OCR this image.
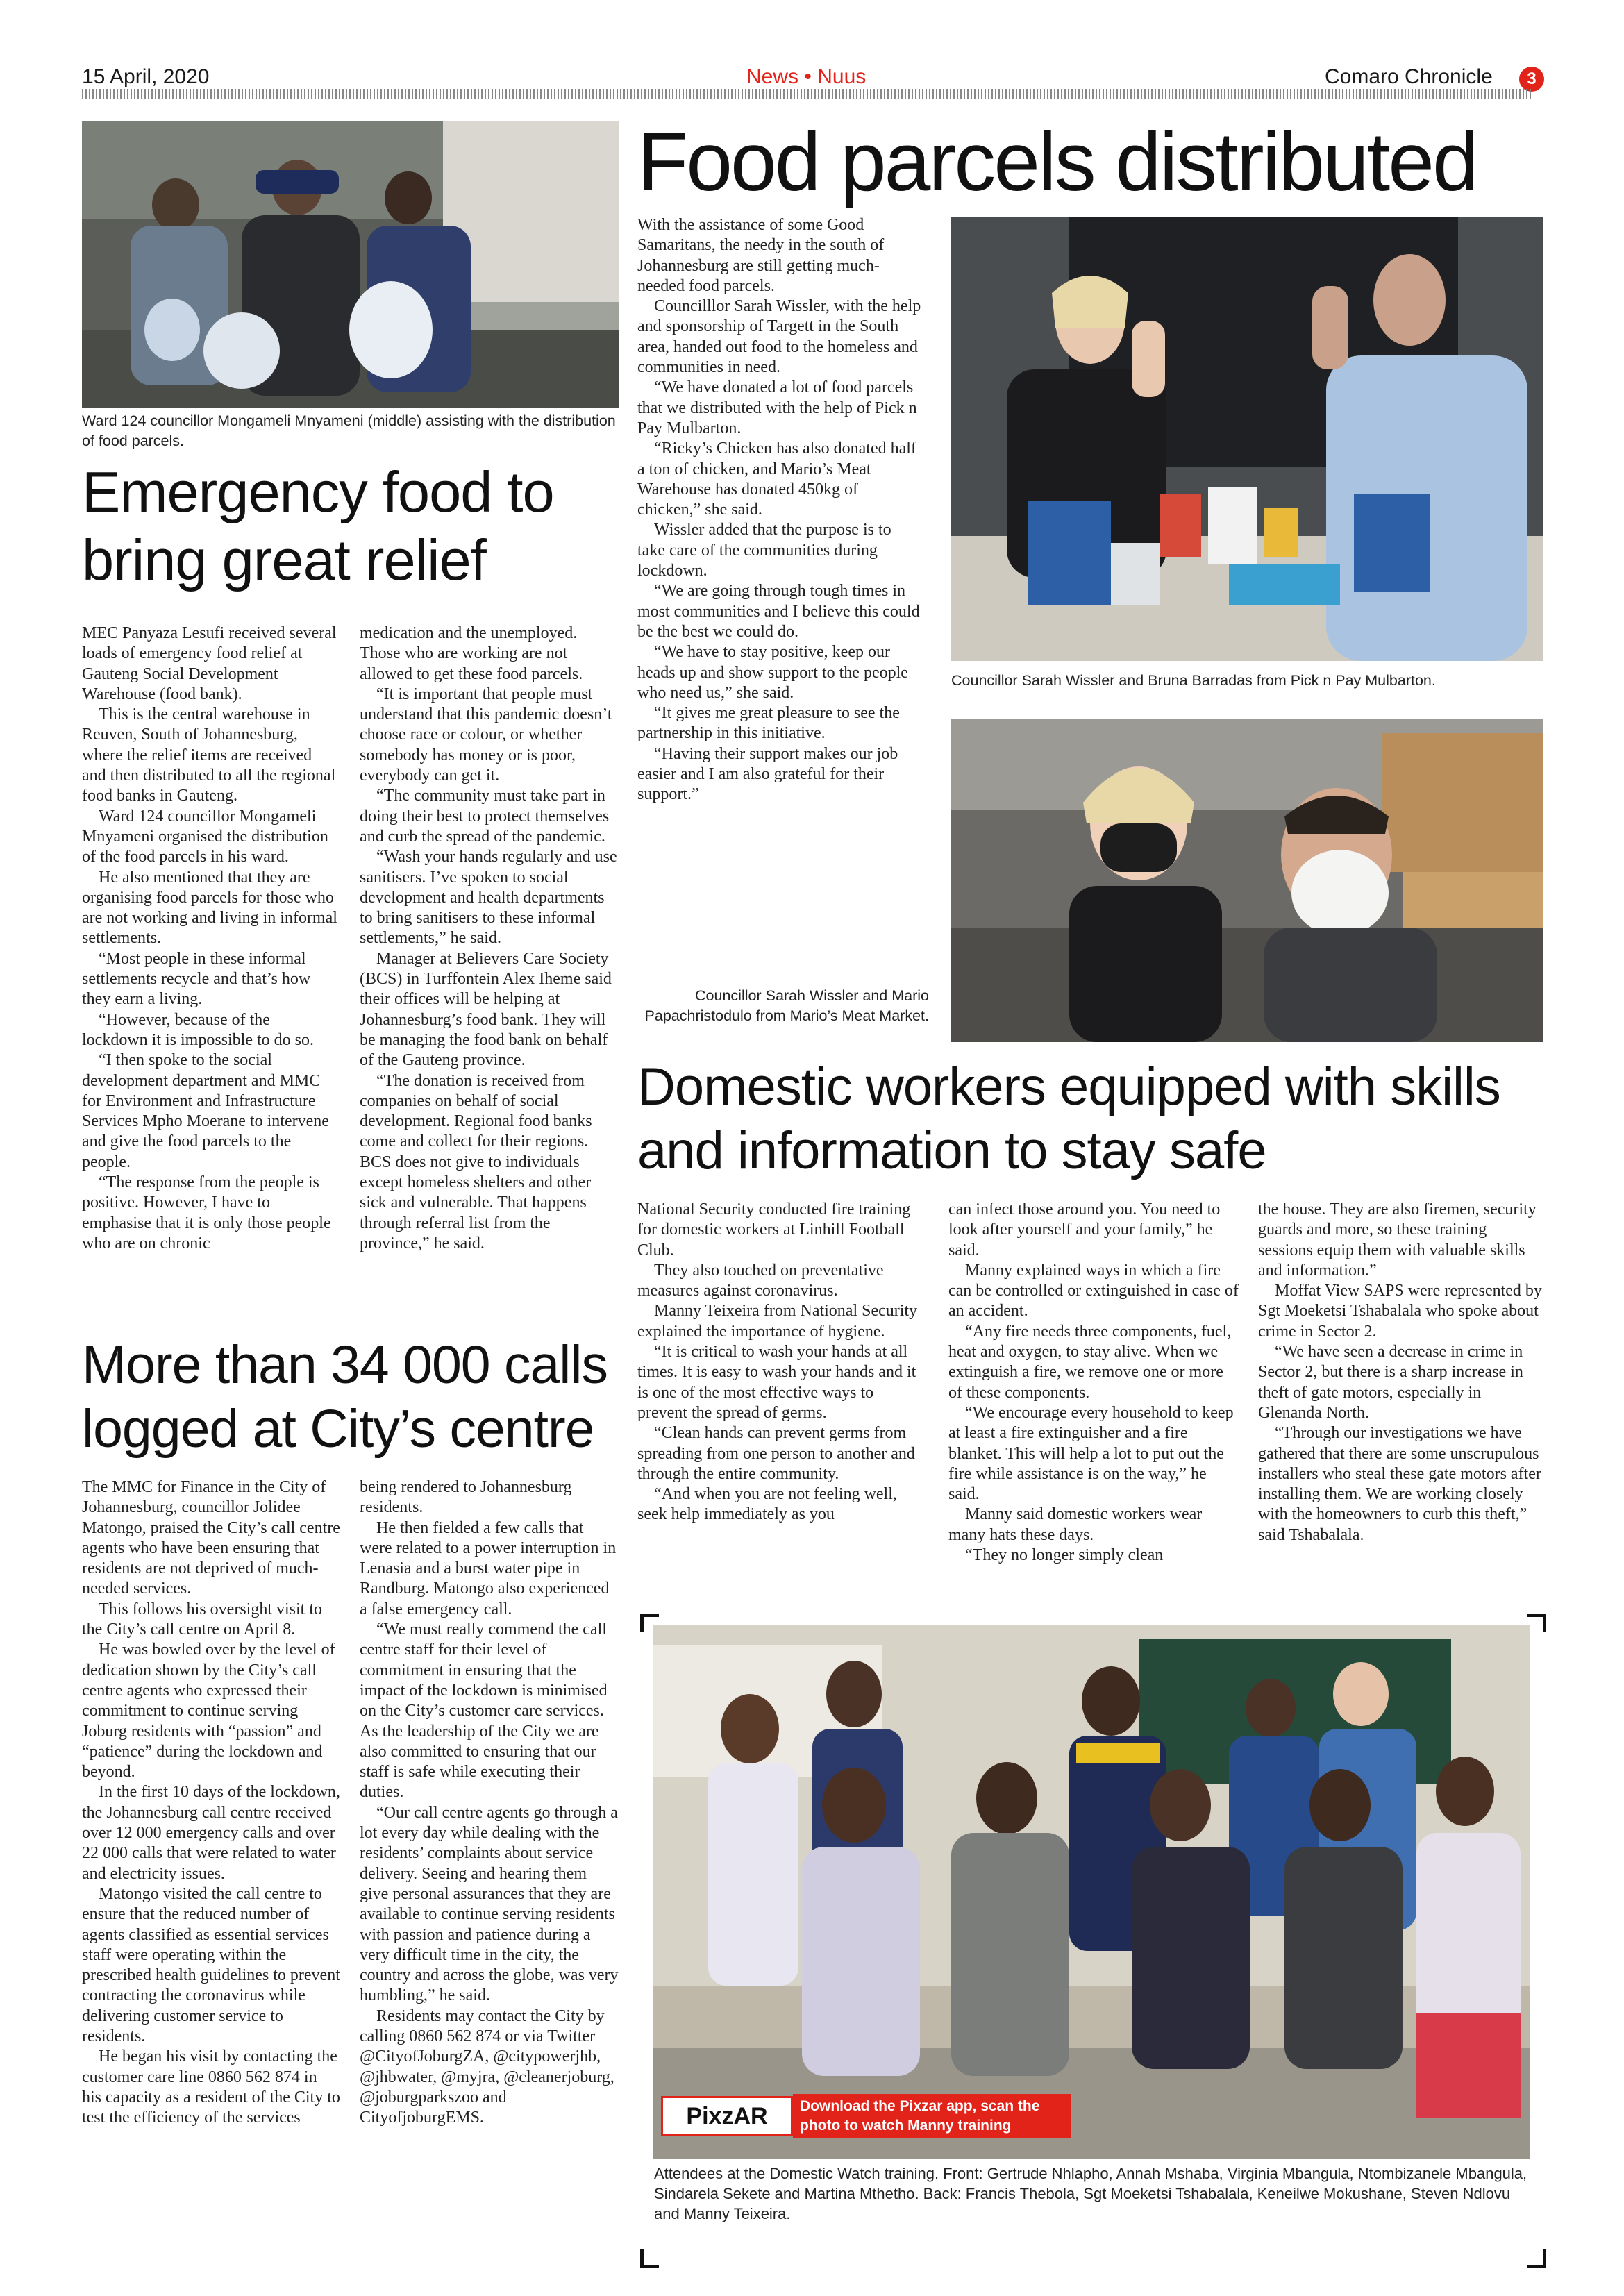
15 April, 2020	News • Nuus	Comaro Chronicle	3
Ward 124 councillor Mongameli Mnyameni (middle) assisting with the distribution of food parcels.
Emergency food to bring great relief

MEC Panyaza Lesufi received several loads of emergency food relief at Gauteng Social Development Warehouse (food bank).

This is the central warehouse in Reuven, South of Johannesburg, where the relief items are received and then distributed to all the regional food banks in Gauteng.

Ward 124 councillor Mongameli Mnyameni organised the distribution of the food parcels in his ward.

He also mentioned that they are organising food parcels for those who are not working and living in informal settlements.

“Most people in these informal settlements recycle and that’s how they earn a living.

“However, because of the lockdown it is impossible to do so.

“I then spoke to the social development department and MMC for Environment and Infrastructure Services Mpho Moerane to intervene and give the food parcels to the people.

“The response from the people is positive. However, I have to emphasise that it is only those people who are on chronic

medication and the unemployed. Those who are working are not allowed to get these food parcels.

“It is important that people must understand that this pandemic doesn’t choose race or colour, or whether somebody has money or is poor, everybody can get it.

“The community must take part in doing their best to protect themselves and curb the spread of the pandemic.

“Wash your hands regularly and use sanitisers. I’ve spoken to social development and health departments to bring sanitisers to these informal settlements,” he said.

Manager at Believers Care Society (BCS) in Turffontein Alex Iheme said their offices will be helping at Johannesburg’s food bank. They will be managing the food bank on behalf of the Gauteng province.

“The donation is received from companies on behalf of social development. Regional food banks come and collect for their regions. BCS does not give to individuals except homeless shelters and other sick and vulnerable. That happens through referral list from the province,” he said.

Food parcels distributed

With the assistance of some Good Samaritans, the needy in the south of Johannesburg are still getting much-needed food parcels.

Councilllor Sarah Wissler, with the help and sponsorship of Targett in the South area, handed out food to the homeless and communities in need.

“We have donated a lot of food parcels that we distributed with the help of Pick n Pay Mulbarton.

“Ricky’s Chicken has also donated half a ton of chicken, and Mario’s Meat Warehouse has donated 450kg of chicken,” she said.

Wissler added that the purpose is to take care of the communities during lockdown.

“We are going through tough times in most communities and I believe this could be the best we could do.

“We have to stay positive, keep our heads up and show support to the people who need us,” she said.

“It gives me great pleasure to see the partnership in this initiative.

“Having their support makes our job easier and I am also grateful for their support.”

Councillor Sarah Wissler and Bruna Barradas from Pick n Pay Mulbarton.
Councillor Sarah Wissler and Mario Papachristodulo from Mario’s Meat Market.
Domestic workers equipped with skills and information to stay safe

National Security conducted fire training for domestic workers at Linhill Football Club.

They also touched on preventative measures against coronavirus.

Manny Teixeira from National Security explained the importance of hygiene.

“It is critical to wash your hands at all times. It is easy to wash your hands and it is one of the most effective ways to prevent the spread of germs.

“Clean hands can prevent germs from spreading from one person to another and through the entire community.

“And when you are not feeling well, seek help immediately as you

can infect those around you. You need to look after yourself and your family,” he said.

Manny explained ways in which a fire can be controlled or extinguished in case of an accident.

“Any fire needs three components, fuel, heat and oxygen, to stay alive. When we extinguish a fire, we remove one or more of these components.

“We encourage every household to keep at least a fire extinguisher and a fire blanket. This will help a lot to put out the fire while assistance is on the way,” he said.

Manny said domestic workers wear many hats these days.

“They no longer simply clean

the house. They are also firemen, security guards and more, so these training sessions equip them with valuable skills and information.”

Moffat View SAPS were represented by Sgt Moeketsi Tshabalala who spoke about crime in Sector 2.

“We have seen a decrease in crime in Sector 2, but there is a sharp increase in theft of gate motors, especially in Glenanda North.

“Through our investigations we have gathered that there are some unscrupulous installers who steal these gate motors after installing them. We are working closely with the homeowners to curb this theft,” said Tshabalala.

PixzAR	Download the Pixzar app, scan the photo to watch Manny training
Attendees at the Domestic Watch training. Front: Gertrude Nhlapho, Annah Mshaba, Virginia Mbangula, Ntombizanele Mbangula, Sindarela Sekete and Martina Mthetho. Back: Francis Thebola, Sgt Moeketsi Tshabalala, Keneilwe Mokushane, Steven Ndlovu and Manny Teixeira.
More than 34 000 calls logged at City’s centre

The MMC for Finance in the City of Johannesburg, councillor Jolidee Matongo, praised the City’s call centre agents who have been ensuring that residents are not deprived of much-needed services.

This follows his oversight visit to the City’s call centre on April 8.

He was bowled over by the level of dedication shown by the City’s call centre agents who expressed their commitment to continue serving Joburg residents with “passion” and “patience” during the lockdown and beyond.

In the first 10 days of the lockdown, the Johannesburg call centre received over 12 000 emergency calls and over 22 000 calls that were related to water and electricity issues.

Matongo visited the call centre to ensure that the reduced number of agents classified as essential services staff were operating within the prescribed health guidelines to prevent contracting the coronavirus while delivering customer service to residents.

He began his visit by contacting the customer care line 0860 562 874 in his capacity as a resident of the City to test the efficiency of the services

being rendered to Johannesburg residents.

He then fielded a few calls that were related to a power interruption in Lenasia and a burst water pipe in Randburg. Matongo also experienced a false emergency call.

“We must really commend the call centre staff for their level of commitment in ensuring that the impact of the lockdown is minimised on the City’s customer care services. As the leadership of the City we are also committed to ensuring that our staff is safe while executing their duties.

“Our call centre agents go through a lot every day while dealing with the residents’ complaints about service delivery. Seeing and hearing them give personal assurances that they are available to continue serving residents with passion and patience during a very difficult time in the city, the country and across the globe, was very humbling,” he said.

Residents may contact the City by calling 0860 562 874 or via Twitter @CityofJoburgZA, @citypowerjhb, @jhbwater, @myjra, @cleanerjoburg, @joburgparkszoo and CityofjoburgEMS.
